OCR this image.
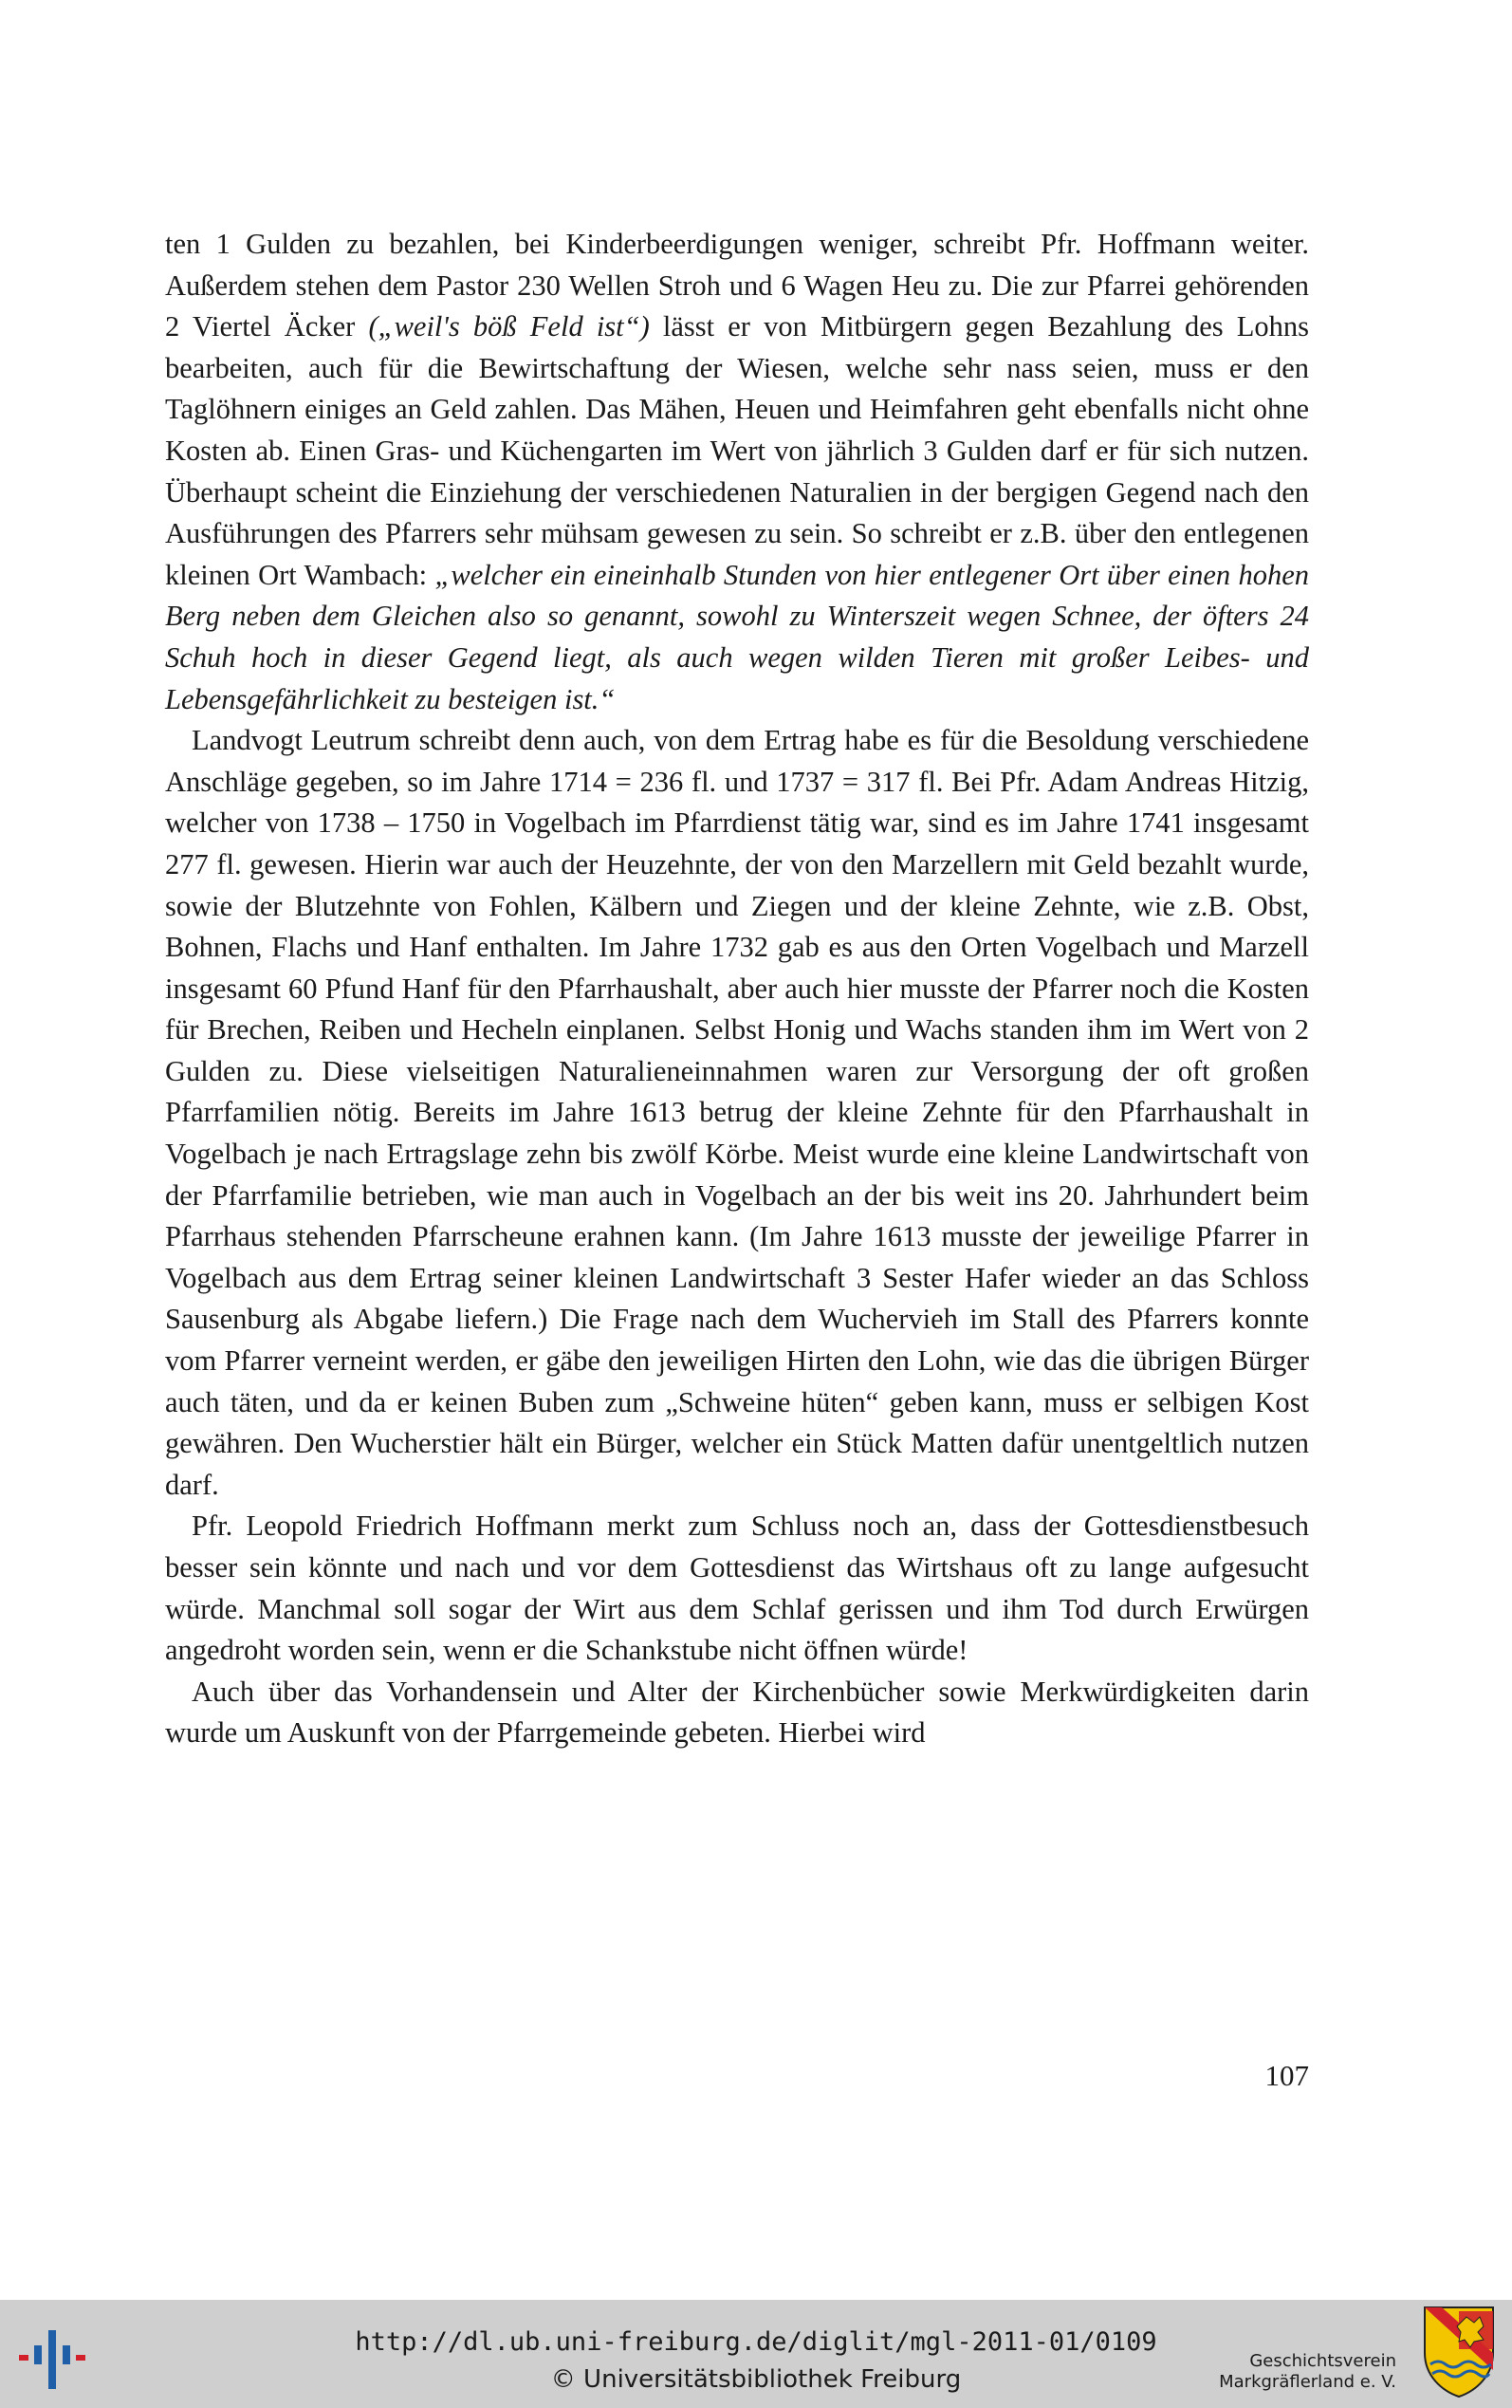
ten 1 Gulden zu bezahlen, bei Kinderbeerdigungen weniger, schreibt Pfr. Hoffmann weiter. Außerdem stehen dem Pastor 230 Wellen Stroh und 6 Wagen Heu zu. Die zur Pfarrei gehörenden 2 Viertel Äcker („weil's böß Feld ist“) lässt er von Mitbürgern gegen Bezahlung des Lohns bearbeiten, auch für die Bewirtschaftung der Wiesen, welche sehr nass seien, muss er den Taglöhnern einiges an Geld zahlen. Das Mähen, Heuen und Heimfahren geht ebenfalls nicht ohne Kosten ab. Einen Gras- und Küchengarten im Wert von jährlich 3 Gulden darf er für sich nutzen. Überhaupt scheint die Einziehung der verschiedenen Naturalien in der bergigen Gegend nach den Ausführungen des Pfarrers sehr mühsam gewesen zu sein. So schreibt er z.B. über den entlegenen kleinen Ort Wambach: „welcher ein eineinhalb Stunden von hier entlegener Ort über einen hohen Berg neben dem Gleichen also so genannt, sowohl zu Winterszeit wegen Schnee, der öfters 24 Schuh hoch in dieser Gegend liegt, als auch wegen wilden Tieren mit großer Leibes- und Lebensgefährlichkeit zu besteigen ist.“

Landvogt Leutrum schreibt denn auch, von dem Ertrag habe es für die Besoldung verschiedene Anschläge gegeben, so im Jahre 1714 = 236 fl. und 1737 = 317 fl. Bei Pfr. Adam Andreas Hitzig, welcher von 1738 – 1750 in Vogelbach im Pfarrdienst tätig war, sind es im Jahre 1741 insgesamt 277 fl. gewesen. Hierin war auch der Heuzehnte, der von den Marzellern mit Geld bezahlt wurde, sowie der Blutzehnte von Fohlen, Kälbern und Ziegen und der kleine Zehnte, wie z.B. Obst, Bohnen, Flachs und Hanf enthalten. Im Jahre 1732 gab es aus den Orten Vogelbach und Marzell insgesamt 60 Pfund Hanf für den Pfarrhaushalt, aber auch hier musste der Pfarrer noch die Kosten für Brechen, Reiben und Hecheln einplanen. Selbst Honig und Wachs standen ihm im Wert von 2 Gulden zu. Diese vielseitigen Naturalieneinnahmen waren zur Versorgung der oft großen Pfarrfamilien nötig. Bereits im Jahre 1613 betrug der kleine Zehnte für den Pfarrhaushalt in Vogelbach je nach Ertragslage zehn bis zwölf Körbe. Meist wurde eine kleine Landwirtschaft von der Pfarrfamilie betrieben, wie man auch in Vogelbach an der bis weit ins 20. Jahrhundert beim Pfarrhaus stehenden Pfarrscheune erahnen kann. (Im Jahre 1613 musste der jeweilige Pfarrer in Vogelbach aus dem Ertrag seiner kleinen Landwirtschaft 3 Sester Hafer wieder an das Schloss Sausenburg als Abgabe liefern.) Die Frage nach dem Wuchervieh im Stall des Pfarrers konnte vom Pfarrer verneint werden, er gäbe den jeweiligen Hirten den Lohn, wie das die übrigen Bürger auch täten, und da er keinen Buben zum „Schweine hüten“ geben kann, muss er selbigen Kost gewähren. Den Wucherstier hält ein Bürger, welcher ein Stück Matten dafür unentgeltlich nutzen darf.

Pfr. Leopold Friedrich Hoffmann merkt zum Schluss noch an, dass der Gottesdienstbesuch besser sein könnte und nach und vor dem Gottesdienst das Wirtshaus oft zu lange aufgesucht würde. Manchmal soll sogar der Wirt aus dem Schlaf gerissen und ihm Tod durch Erwürgen angedroht worden sein, wenn er die Schankstube nicht öffnen würde!

Auch über das Vorhandensein und Alter der Kirchenbücher sowie Merkwürdigkeiten darin wurde um Auskunft von der Pfarrgemeinde gebeten. Hierbei wird

107
http://dl.ub.uni-freiburg.de/diglit/mgl-2011-01/0109
© Universitätsbibliothek Freiburg
Geschichtsverein
Markgräflerland e. V.
